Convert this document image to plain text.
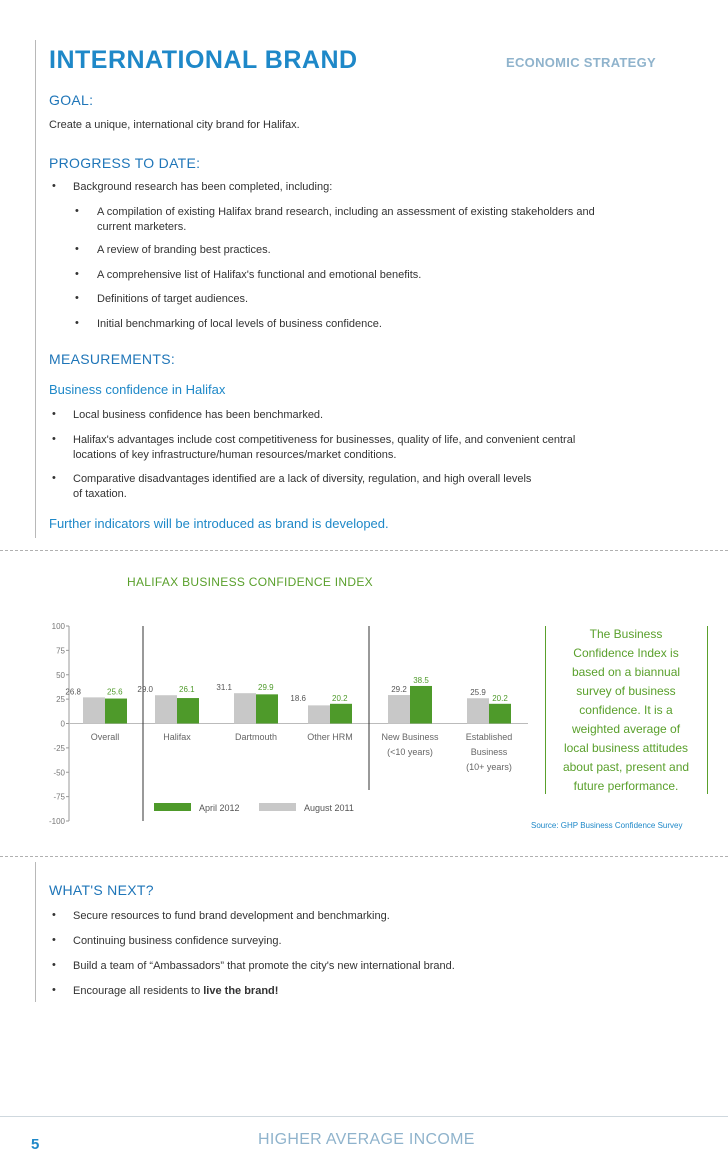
INTERNATIONAL BRAND	ECONOMIC STRATEGY
GOAL:
Create a unique, international city brand for Halifax.
PROGRESS TO DATE:
• Background research has been completed, including:
• A compilation of existing Halifax brand research, including an assessment of existing stakeholders and
current marketers.
• A review of branding best practices.
• A comprehensive list of Halifax's functional and emotional benefits.
• Definitions of target audiences.
• Initial benchmarking of local levels of business confidence.
MEASUREMENTS:
Business confidence in Halifax
• Local business confidence has been benchmarked.
• Halifax's advantages include cost competitiveness for businesses, quality of life, and convenient central
locations of key infrastructure/human resources/market conditions.
• Comparative disadvantages identified are a lack of diversity, regulation, and high overall levels
of taxation.
Further indicators will be introduced as brand is developed.
HALIFAX BUSINESS CONFIDENCE INDEX
100
75
50
25
0
-25
-50
-75
-100
26.8	25.6
Overall
29.0	26.1
Halifax
31.1	29.9
Dartmouth
18.6	20.2
Other HRM
29.2
38.5
New Business
(<10 years)
25.9
20.2
Established
Business
(10+ years)
April 2012	August 2011
The Business
Confidence Index is
based on a biannual
survey of business
confidence. It is a
weighted average of
local business attitudes
about past, present and
future performance.
Source: GHP Business Confidence Survey
WHAT'S NEXT?
• Secure resources to fund brand development and benchmarking.
• Continuing business confidence surveying.
• Build a team of “Ambassadors” that promote the city's new international brand.
• Encourage all residents to live the brand!
5	HIGHER AVERAGE INCOME
